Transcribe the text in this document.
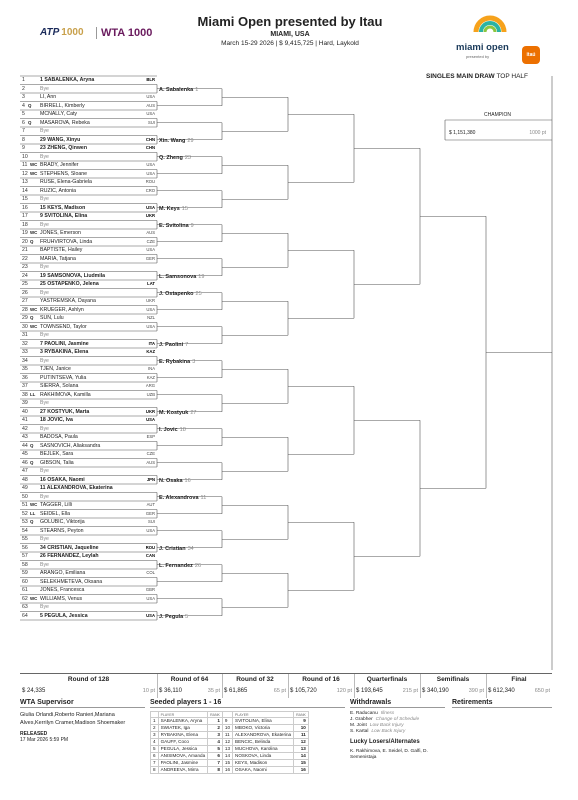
ATP 1000	WTA 1000
Miami Open presented by Itau
MIAMI, USA
March 15-29 2026 | $ 9,415,725 | Hard, Laykold	miami open
presented by	itaú
SINGLES MAIN DRAW TOP HALF
1	1 SABALENKA, Aryna	BLR
2	Bye
3	LI, Ann	USA
4 Q BIRRELL, Kimberly	AUS
5	MCNALLY, Caty	USA
6 Q MASAROVA, Rebeka	SUI
7	Bye
8	29 WANG, Xinyu	CHN
9	23 ZHENG, Qinwen	CHN
10	Bye
11 WC BRADY, Jennifer	USA
12 WC STEPHENS, Sloane	USA
13	RUSE, Elena-Gabriela	ROU
14	RUZIC, Antonia	CRO
15	Bye
16	15 KEYS, Madison	USA
17	9 SVITOLINA, Elina	UKR
18	Bye
19 WC JONES, Emerson	AUS
20 Q FRUHVIRTOVA, Linda	CZE
21	BAPTISTE, Hailey	USA
22	MARIA, Tatjana	GER
23	Bye
24	19 SAMSONOVA, Liudmila
25	25 OSTAPENKO, Jelena	LAT
26	Bye
27	YASTREMSKA, Dayana	UKR
28 WC KRUEGER, Ashlyn	USA
29 Q SUN, Lulu	NZL
30 WC TOWNSEND, Taylor	USA
31	Bye
32	7 PAOLINI, Jasmine	ITA
33	3 RYBAKINA, Elena	KAZ
34	Bye
35	TJEN, Janice	INA
36	PUTINTSEVA, Yulia	KAZ
37	SIERRA, Solana	ARG
38 LL RAKHIMOVA, Kamilla	UZB
39	Bye
40	27 KOSTYUK, Marta	UKR
41	18 JOVIC, Iva	USA
42	Bye
43	BADOSA, Paula	ESP
44 Q SASNOVICH, Aliaksandra
45	BEJLEK, Sara	CZE
46 Q GIBSON, Talia	AUS
47	Bye
48	16 OSAKA, Naomi	JPN
49	11 ALEXANDROVA, Ekaterina
50	Bye
51 WC TAGGER, Lilli	AUT
52 LL SEIDEL, Ella	GER
53 Q GOLUBIC, Viktorija	SUI
54	STEARNS, Peyton	USA
55	Bye
56	34 CRISTIAN, Jaqueline	ROU
57	26 FERNANDEZ, Leylah	CAN
58	Bye
59	ARANGO, Emiliana	COL
60	SELEKHMETEVA, Oksana
61	JONES, Francesca	GBR
62 WC WILLIAMS, Venus	USA
63	Bye
64	5 PEGULA, Jessica	USA
A. Sabalenka 1
Xin. Wang 29
Q. Zheng 23
M. Keys 15
E. Svitolina 9
L. Samsonova 19
J. Ostapenko 25
J. Paolini 7
E. Rybakina 3
M. Kostyuk 27
I. Jovic 18
N. Osaka 16
E. Alexandrova 11
J. Cristian 34
L. Fernandez 26
J. Pegula 5
CHAMPION
$ 1,151,380	1000 pt
Round of 128
$ 24,335	10 pt
Round of 64
$ 36,110	35 pt
Round of 32
$ 61,865	65 pt
Round of 16
$ 105,720	120 pt
Quarterfinals
$ 193,645	215 pt
Semifinals
$ 340,190	390 pt
Final
$ 612,340	650 pt
WTA Supervisor
Giulia Orlandi,Roberto Ranieri,Mariana Alves,Kerrilyn Cramer,Madison Shoemaker
RELEASED
17 Mar 2026 5:59 PM
Seeded players 1 - 16
	PLAYER	RANK		PLAYER	RANK
1	SABALENKA, Aryna	1	9	SVITOLINA, Elina	9
2	SWIATEK, Iga	2	10	MBOKO, Victoria	10
3	RYBAKINA, Elena	3	11	ALEXANDROVA, Ekaterina	11
4	GAUFF, Coco	4	12	BENCIC, Belinda	12
5	PEGULA, Jessica	5	13	MUCHOVA, Karolina	13
6	ANISIMOVA, Amanda	6	14	NOSKOVA, Linda	14
7	PAOLINI, Jasmine	7	15	KEYS, Madison	15
8	ANDREEVA, Mirra	8	16	OSAKA, Naomi	16
Withdrawals
E. Raducanu Illness
J. Grabher Change of Schedule
M. Joint Low Back Injury
S. Kartal Low Back Injury
Lucky Losers/Alternates
K. Rakhimova, E. Seidel, D. Galfi, D. Semenistaja
Retirements
